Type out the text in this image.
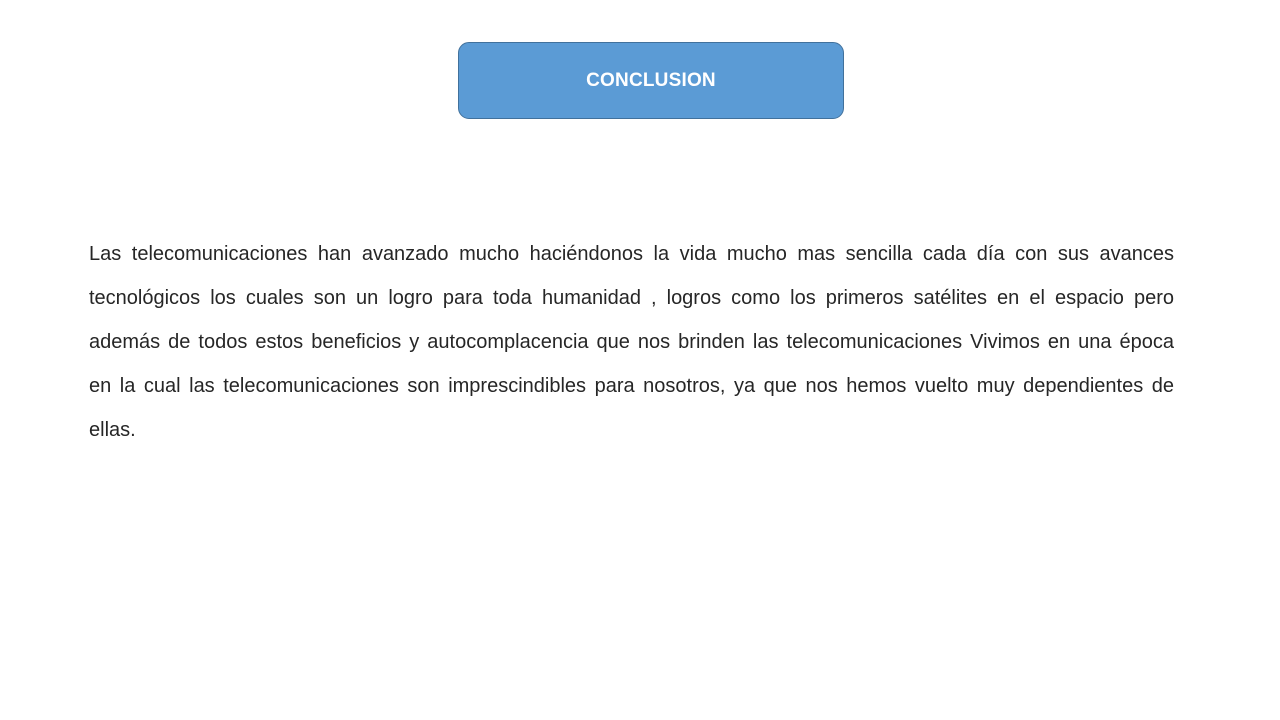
CONCLUSION

Las telecomunicaciones han avanzado mucho haciéndonos la vida mucho mas sencilla cada día con sus avances tecnológicos los cuales son un logro para toda humanidad , logros como los primeros satélites en el espacio pero además de todos estos beneficios y autocomplacencia que nos brinden las telecomunicaciones Vivimos en una época en la cual las telecomunicaciones son imprescindibles para nosotros, ya que nos hemos vuelto muy dependientes de ellas.
